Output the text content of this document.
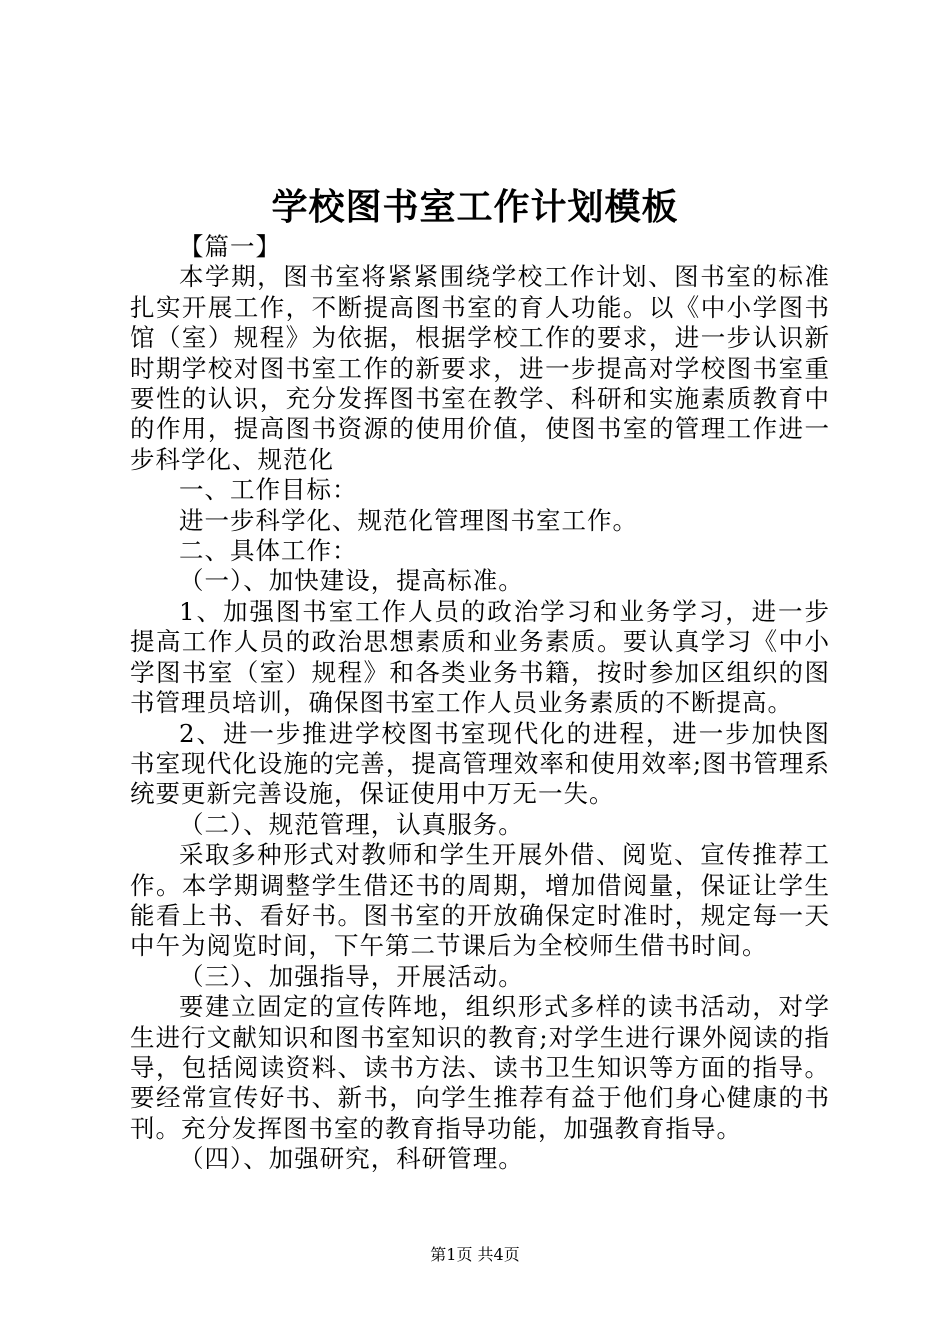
学校图书室工作计划模板

【篇一】

本学期，图书室将紧紧围绕学校工作计划、图书室的标准扎实开展工作，不断提高图书室的育人功能。以《中小学图书馆（室）规程》为依据，根据学校工作的要求，进一步认识新时期学校对图书室工作的新要求，进一步提高对学校图书室重要性的认识，充分发挥图书室在教学、科研和实施素质教育中的作用，提高图书资源的使用价值，使图书室的管理工作进一步科学化、规范化

一、工作目标：

进一步科学化、规范化管理图书室工作。

二、具体工作：

（一）、加快建设，提高标准。

1、加强图书室工作人员的政治学习和业务学习，进一步提高工作人员的政治思想素质和业务素质。要认真学习《中小学图书室（室）规程》和各类业务书籍，按时参加区组织的图书管理员培训，确保图书室工作人员业务素质的不断提高。

2、进一步推进学校图书室现代化的进程，进一步加快图书室现代化设施的完善，提高管理效率和使用效率;图书管理系统要更新完善设施，保证使用中万无一失。

（二）、规范管理，认真服务。

采取多种形式对教师和学生开展外借、阅览、宣传推荐工作。本学期调整学生借还书的周期，增加借阅量，保证让学生能看上书、看好书。图书室的开放确保定时准时，规定每一天中午为阅览时间，下午第二节课后为全校师生借书时间。

（三）、加强指导，开展活动。

要建立固定的宣传阵地，组织形式多样的读书活动，对学生进行文献知识和图书室知识的教育;对学生进行课外阅读的指导，包括阅读资料、读书方法、读书卫生知识等方面的指导。要经常宣传好书、新书，向学生推荐有益于他们身心健康的书刊。充分发挥图书室的教育指导功能，加强教育指导。

（四）、加强研究，科研管理。

第1页 共4页
